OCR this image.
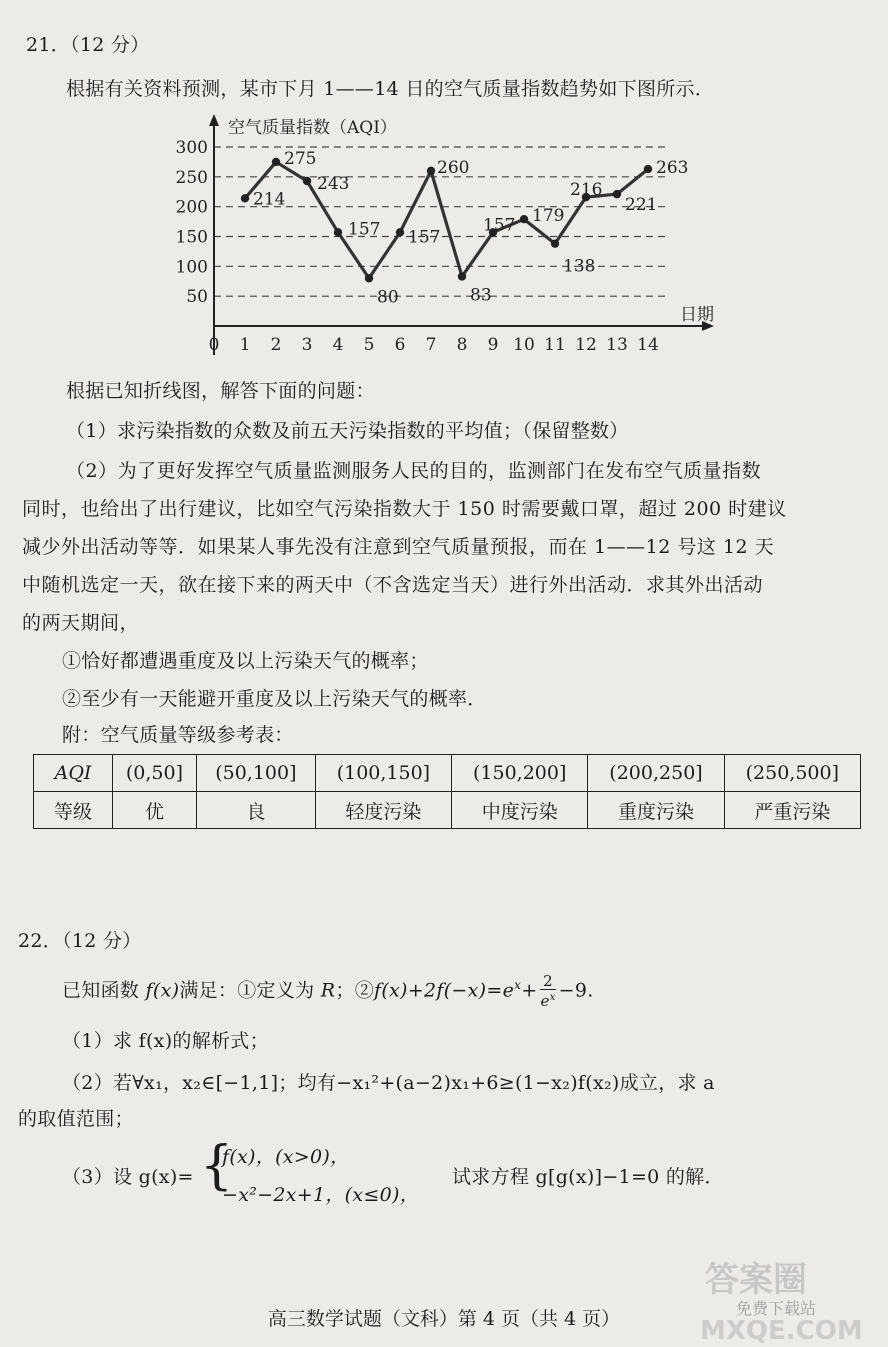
21．（12 分）
根据有关资料预测，某市下月 1——14 日的空气质量指数趋势如下图所示．
空气质量指数（AQI）
日期
50
100
150
200
250
300
0 1 2 3 4 5 6 7 8 9 10 11 12 13 14
214
275
243
157
80
157
260
83
157 179
138
216
221
263
根据已知折线图，解答下面的问题：
（1）求污染指数的众数及前五天污染指数的平均值；（保留整数）
（2）为了更好发挥空气质量监测服务人民的目的，监测部门在发布空气质量指数
同时，也给出了出行建议，比如空气污染指数大于 150 时需要戴口罩，超过 200 时建议
减少外出活动等等．如果某人事先没有注意到空气质量预报，而在 1——12 号这 12 天
中随机选定一天，欲在接下来的两天中（不含选定当天）进行外出活动．求其外出活动
的两天期间，
①恰好都遭遇重度及以上污染天气的概率；
②至少有一天能避开重度及以上污染天气的概率．
附：空气质量等级参考表：
AQI	(0,50]	(50,100]	(100,150]	(150,200]	(200,250]	(250,500]
等级	优	良	轻度污染	中度污染	重度污染	严重污染
22．（12 分）
已知函数 f(x)满足：①定义为 R；$②f(x)+2f(-x)=e^x+ \frac{2}{e^x} -9$.
（1）求 f(x)的解析式；
（2）若∀x₁，x₂∈[−1,1]；均有−x₁²+(a−2)x₁+6≥(1−x₂)f(x₂)成立，求 a
的取值范围；
（3）设 g(x)= {
f(x)，(x>0)，
−x²−2x+1，(x≤0)，
试求方程 g[g(x)]−1=0 的解．
高三数学试题（文科）第 4 页（共 4 页）
答案圈
免费下载站
MXQE.COM
